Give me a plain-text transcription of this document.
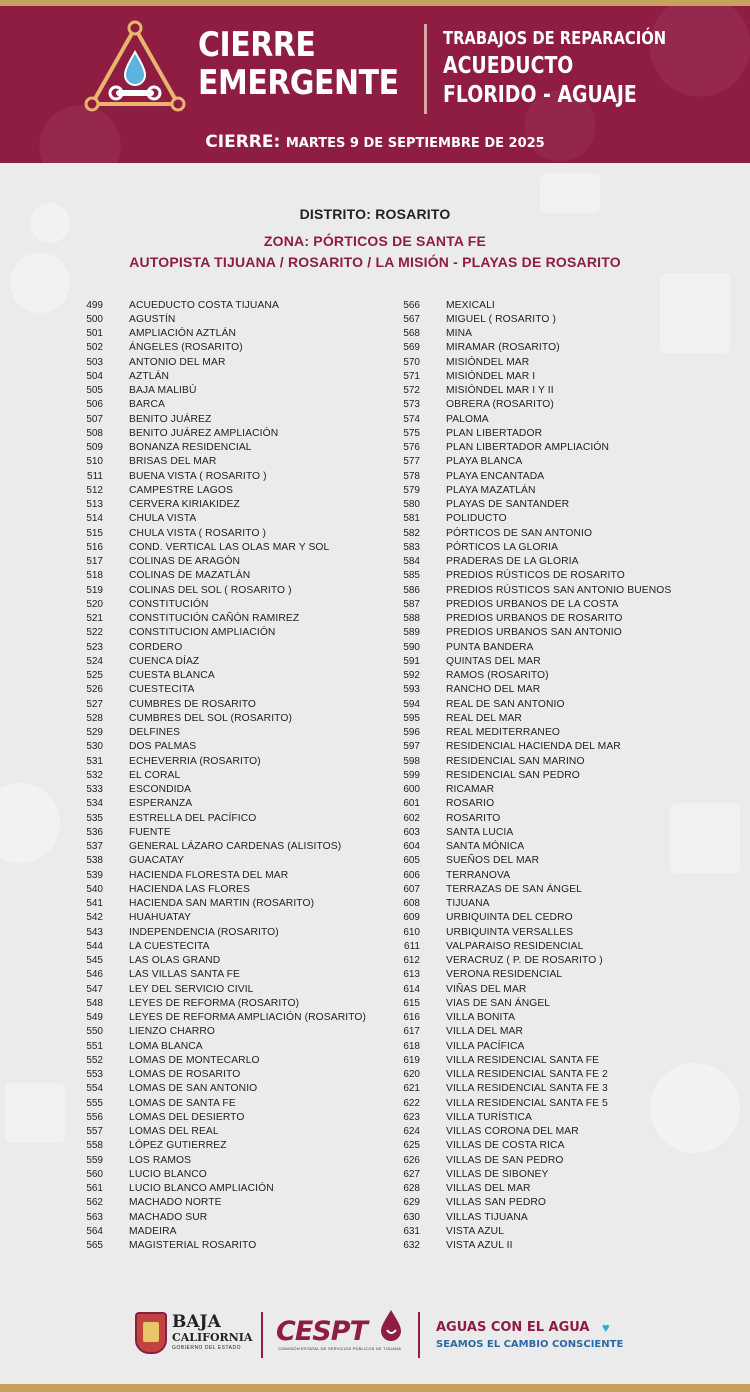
CIERRE
EMERGENTE
TRABAJOS DE REPARACIÓN
ACUEDUCTO
FLORIDO - AGUAJE
CIERRE: MARTES 9 DE SEPTIEMBRE DE 2025
DISTRITO: ROSARITO
ZONA: PÓRTICOS DE SANTA FE
AUTOPISTA TIJUANA / ROSARITO / LA MISIÓN - PLAYAS DE ROSARITO
499	ACUEDUCTO COSTA TIJUANA
500	AGUSTÍN
501	AMPLIACIÓN AZTLÁN
502	ÁNGELES (ROSARITO)
503	ANTONIO DEL MAR
504	AZTLÁN
505	BAJA MALIBÚ
506	BARCA
507	BENITO JUÁREZ
508	BENITO JUÁREZ AMPLIACIÓN
509	BONANZA RESIDENCIAL
510	BRISAS DEL MAR
511	BUENA VISTA ( ROSARITO )
512	CAMPESTRE LAGOS
513	CERVERA KIRIAKIDEZ
514	CHULA VISTA
515	CHULA VISTA ( ROSARITO )
516	COND. VERTICAL LAS OLAS MAR Y SOL
517	COLINAS DE ARAGÓN
518	COLINAS DE MAZATLÁN
519	COLINAS DEL SOL ( ROSARITO )
520	CONSTITUCIÓN
521	CONSTITUCIÓN CAÑÓN RAMIREZ
522	CONSTITUCION AMPLIACIÓN
523	CORDERO
524	CUENCA DÍAZ
525	CUESTA BLANCA
526	CUESTECITA
527	CUMBRES DE ROSARITO
528	CUMBRES DEL SOL (ROSARITO)
529	DELFINES
530	DOS PALMAS
531	ECHEVERRIA (ROSARITO)
532	EL CORAL
533	ESCONDIDA
534	ESPERANZA
535	ESTRELLA DEL PACÍFICO
536	FUENTE
537	GENERAL LÁZARO CARDENAS (ALISITOS)
538	GUACATAY
539	HACIENDA FLORESTA DEL MAR
540	HACIENDA LAS FLORES
541	HACIENDA SAN MARTIN (ROSARITO)
542	HUAHUATAY
543	INDEPENDENCIA (ROSARITO)
544	LA CUESTECITA
545	LAS OLAS GRAND
546	LAS VILLAS SANTA FE
547	LEY DEL SERVICIO CIVIL
548	LEYES DE REFORMA (ROSARITO)
549	LEYES DE REFORMA AMPLIACIÓN (ROSARITO)
550	LIENZO CHARRO
551	LOMA BLANCA
552	LOMAS DE MONTECARLO
553	LOMAS DE ROSARITO
554	LOMAS DE SAN ANTONIO
555	LOMAS DE SANTA FE
556	LOMAS DEL DESIERTO
557	LOMAS DEL REAL
558	LÓPEZ GUTIERREZ
559	LOS RAMOS
560	LUCIO BLANCO
561	LUCIO BLANCO AMPLIACIÓN
562	MACHADO NORTE
563	MACHADO SUR
564	MADEIRA
565	MAGISTERIAL ROSARITO
566	MEXICALI
567	MIGUEL ( ROSARITO )
568	MINA
569	MIRAMAR (ROSARITO)
570	MISIÓNDEL MAR
571	MISIÓNDEL MAR I
572	MISIÓNDEL MAR I Y II
573	OBRERA (ROSARITO)
574	PALOMA
575	PLAN LIBERTADOR
576	PLAN LIBERTADOR AMPLIACIÓN
577	PLAYA BLANCA
578	PLAYA ENCANTADA
579	PLAYA MAZATLÁN
580	PLAYAS DE SANTANDER
581	POLIDUCTO
582	PÓRTICOS DE SAN ANTONIO
583	PÓRTICOS LA GLORIA
584	PRADERAS DE LA GLORIA
585	PREDIOS RÚSTICOS DE ROSARITO
586	PREDIOS RÚSTICOS SAN ANTONIO BUENOS
587	PREDIOS URBANOS DE LA COSTA
588	PREDIOS URBANOS DE ROSARITO
589	PREDIOS URBANOS SAN ANTONIO
590	PUNTA BANDERA
591	QUINTAS DEL MAR
592	RAMOS (ROSARITO)
593	RANCHO DEL MAR
594	REAL DE SAN ANTONIO
595	REAL DEL MAR
596	REAL MEDITERRANEO
597	RESIDENCIAL HACIENDA DEL MAR
598	RESIDENCIAL SAN MARINO
599	RESIDENCIAL SAN PEDRO
600	RICAMAR
601	ROSARIO
602	ROSARITO
603	SANTA LUCIA
604	SANTA MÓNICA
605	SUEÑOS DEL MAR
606	TERRANOVA
607	TERRAZAS DE SAN ÁNGEL
608	TIJUANA
609	URBIQUINTA DEL CEDRO
610	URBIQUINTA VERSALLES
611	VALPARAISO RESIDENCIAL
612	VERACRUZ ( P. DE ROSARITO )
613	VERONA RESIDENCIAL
614	VIÑAS DEL MAR
615	VIAS DE SAN ÁNGEL
616	VILLA BONITA
617	VILLA DEL MAR
618	VILLA PACÍFICA
619	VILLA RESIDENCIAL SANTA FE
620	VILLA RESIDENCIAL SANTA FE 2
621	VILLA RESIDENCIAL SANTA FE 3
622	VILLA RESIDENCIAL SANTA FE 5
623	VILLA TURÍSTICA
624	VILLAS CORONA DEL MAR
625	VILLAS DE COSTA RICA
626	VILLAS DE SAN PEDRO
627	VILLAS DE SIBONEY
628	VILLAS DEL MAR
629	VILLAS SAN PEDRO
630	VILLAS TIJUANA
631	VISTA AZUL
632	VISTA AZUL II
BAJA
CALIFORNIA
GOBIERNO DEL ESTADO
CESPT
COMISIÓN ESTATAL DE SERVICIOS PÚBLICOS DE TIJUANA
AGUAS CON EL AGUA ♥
SEAMOS EL CAMBIO CONSCIENTE
